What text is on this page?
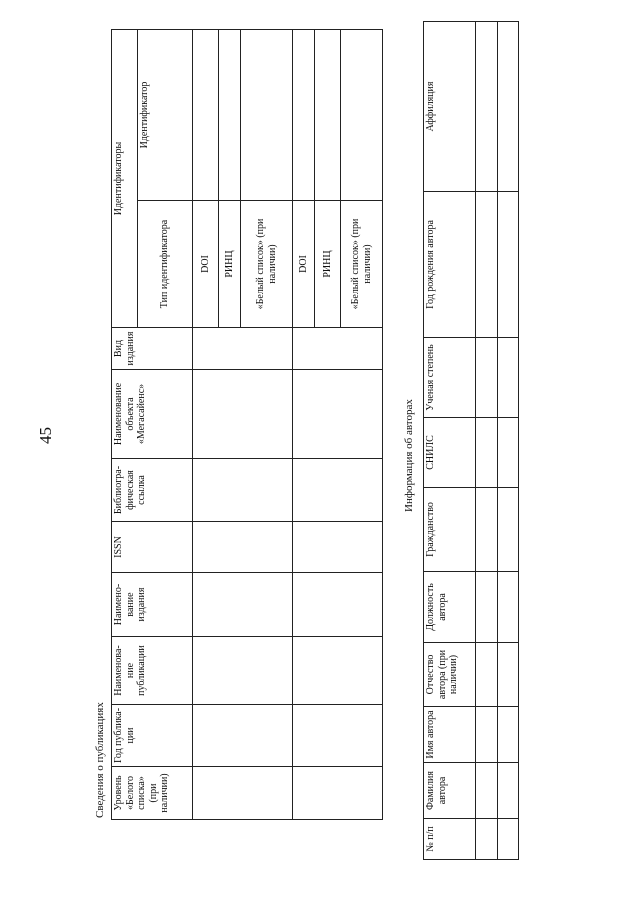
45
Сведения о публикациях Уровень «Белого списка» (при наличии)	Год публика-ции	Наименова-ние публикации	Наимено-вание издания	ISSN	Библиогра-фическая ссылка	Наименование объекта «Мегасайенс»	Вид издания	Идентификаторы	
								Тип идентификатора	Идентификатор
								DOI	
								РИНЦ	
								«Белый список» (при наличии)	
								DOI	
								РИНЦ	
								«Белый список» (при наличии)	
Информация об авторах
№ п/п	Фамилия автора	Имя автора	Отчество автора (при наличии)	Должность автора	Гражданство	СНИЛС	Ученая степень	Год рождения автора	Аффиляция
